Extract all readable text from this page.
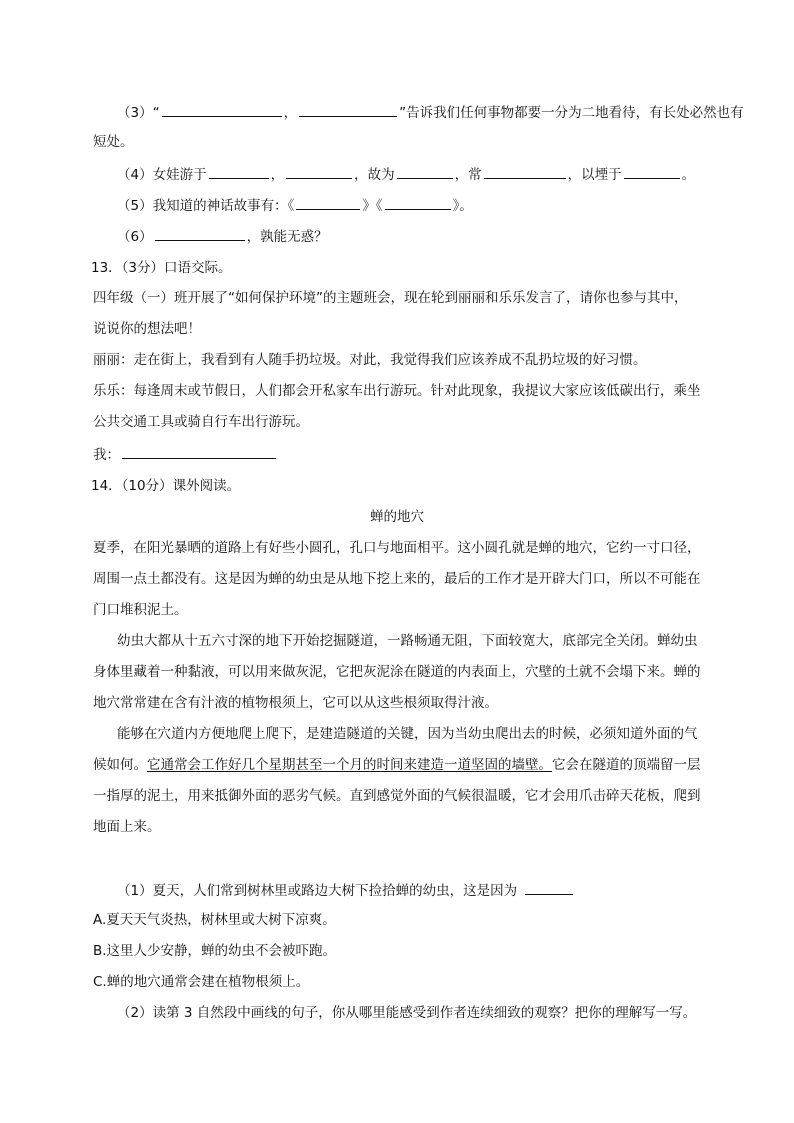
（3）“	，	”告诉我们任何事物都要一分为二地看待，有长处必然也有
短处。
（4）女娃游于	，	，故为	，常	，以堙于	。
（5）我知道的神话故事有：《	》《	》。
（6）	，孰能无惑？
13．（3分）口语交际。
四年级（一）班开展了“如何保护环境”的主题班会，现在轮到丽丽和乐乐发言了，请你也参与其中，
说说你的想法吧！
丽丽：走在街上，我看到有人随手扔垃圾。对此，我觉得我们应该养成不乱扔垃圾的好习惯。
乐乐：每逢周末或节假日，人们都会开私家车出行游玩。针对此现象，我提议大家应该低碳出行，乘坐
公共交通工具或骑自行车出行游玩。
我：
14．（10分）课外阅读。
蝉的地穴
夏季，在阳光暴晒的道路上有好些小圆孔，孔口与地面相平。这小圆孔就是蝉的地穴，它约一寸口径，
周围一点土都没有。这是因为蝉的幼虫是从地下挖上来的，最后的工作才是开辟大门口，所以不可能在
门口堆积泥土。
幼虫大都从十五六寸深的地下开始挖掘隧道，一路畅通无阻，下面较宽大，底部完全关闭。蝉幼虫
身体里藏着一种黏液，可以用来做灰泥，它把灰泥涂在隧道的内表面上，穴壁的土就不会塌下来。蝉的
地穴常常建在含有汁液的植物根须上，它可以从这些根须取得汁液。
能够在穴道内方便地爬上爬下，是建造隧道的关键，因为当幼虫爬出去的时候，必须知道外面的气
候如何。它通常会工作好几个星期甚至一个月的时间来建造一道坚固的墙壁。它会在隧道的顶端留一层
一指厚的泥土，用来抵御外面的恶劣气候。直到感觉外面的气候很温暖，它才会用爪击碎天花板，爬到
地面上来。
（1）夏天，人们常到树林里或路边大树下捡拾蝉的幼虫，这是因为
A.夏天天气炎热，树林里或大树下凉爽。
B.这里人少安静，蝉的幼虫不会被吓跑。
C.蝉的地穴通常会建在植物根须上。
（2）读第 3 自然段中画线的句子，你从哪里能感受到作者连续细致的观察？把你的理解写一写。
